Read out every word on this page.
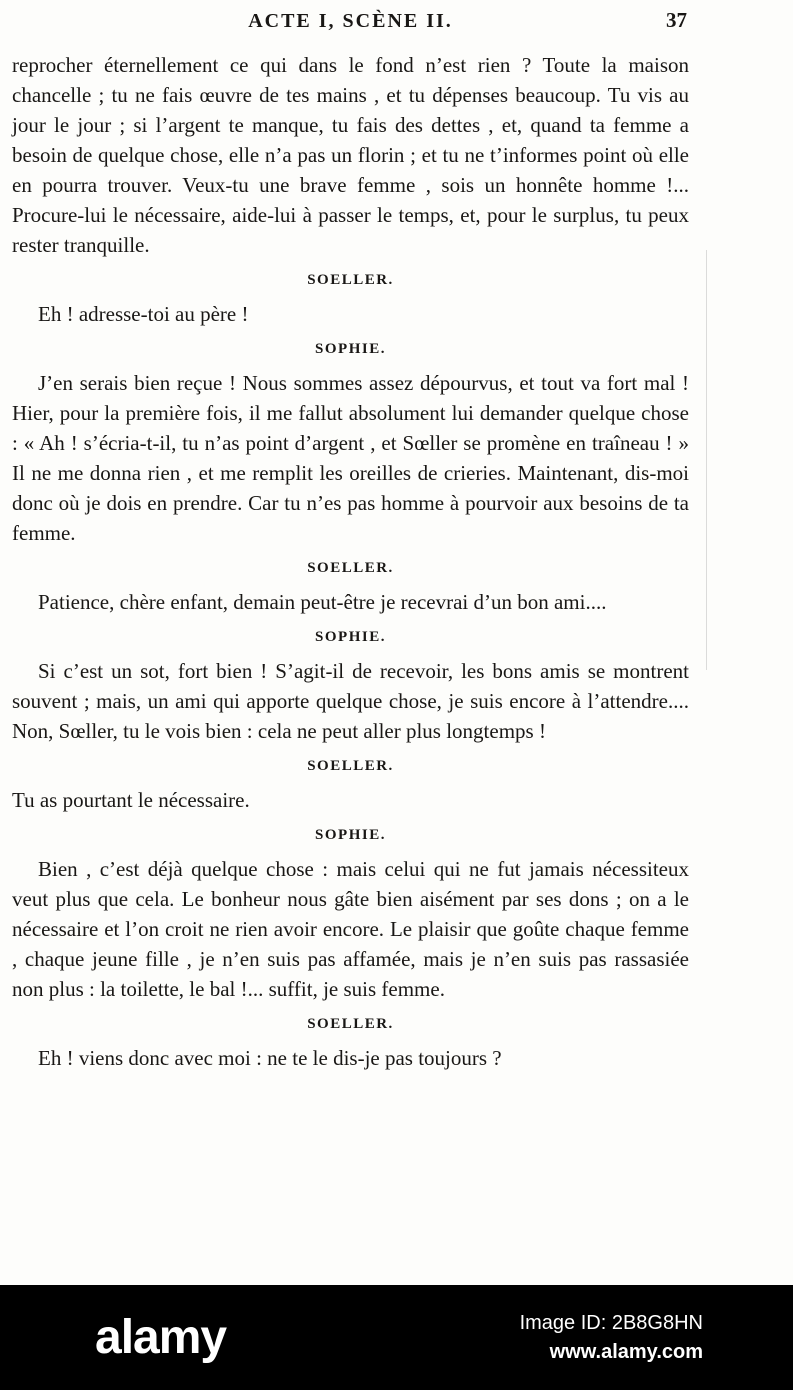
ACTE I, SCÈNE II.	37

reprocher éternellement ce qui dans le fond n’est rien ? Toute la maison chancelle ; tu ne fais œuvre de tes mains , et tu dépenses beaucoup. Tu vis au jour le jour ; si l’argent te manque, tu fais des dettes , et, quand ta femme a besoin de quelque chose, elle n’a pas un florin ; et tu ne t’informes point où elle en pourra trouver. Veux-tu une brave femme , sois un honnête homme !... Procure-lui le nécessaire, aide-lui à passer le temps, et, pour le surplus, tu peux rester tranquille.

SOELLER.

Eh ! adresse-toi au père !

SOPHIE.

J’en serais bien reçue ! Nous sommes assez dépourvus, et tout va fort mal ! Hier, pour la première fois, il me fallut absolument lui demander quelque chose : « Ah ! s’écria-t-il, tu n’as point d’argent , et Sœller se promène en traîneau ! » Il ne me donna rien , et me remplit les oreilles de crieries. Maintenant, dis-moi donc où je dois en prendre. Car tu n’es pas homme à pourvoir aux besoins de ta femme.

SOELLER.

Patience, chère enfant, demain peut-être je recevrai d’un bon ami....

SOPHIE.

Si c’est un sot, fort bien ! S’agit-il de recevoir, les bons amis se montrent souvent ; mais, un ami qui apporte quelque chose, je suis encore à l’attendre.... Non, Sœller, tu le vois bien : cela ne peut aller plus longtemps !

SOELLER.

Tu as pourtant le nécessaire.

SOPHIE.

Bien , c’est déjà quelque chose : mais celui qui ne fut jamais nécessiteux veut plus que cela. Le bonheur nous gâte bien aisément par ses dons ; on a le nécessaire et l’on croit ne rien avoir encore. Le plaisir que goûte chaque femme , chaque jeune fille , je n’en suis pas affamée, mais je n’en suis pas rassasiée non plus : la toilette, le bal !... suffit, je suis femme.

SOELLER.

Eh ! viens donc avec moi : ne te le dis-je pas toujours ?

alamy	Image ID: 2B8G8HN
www.alamy.com
